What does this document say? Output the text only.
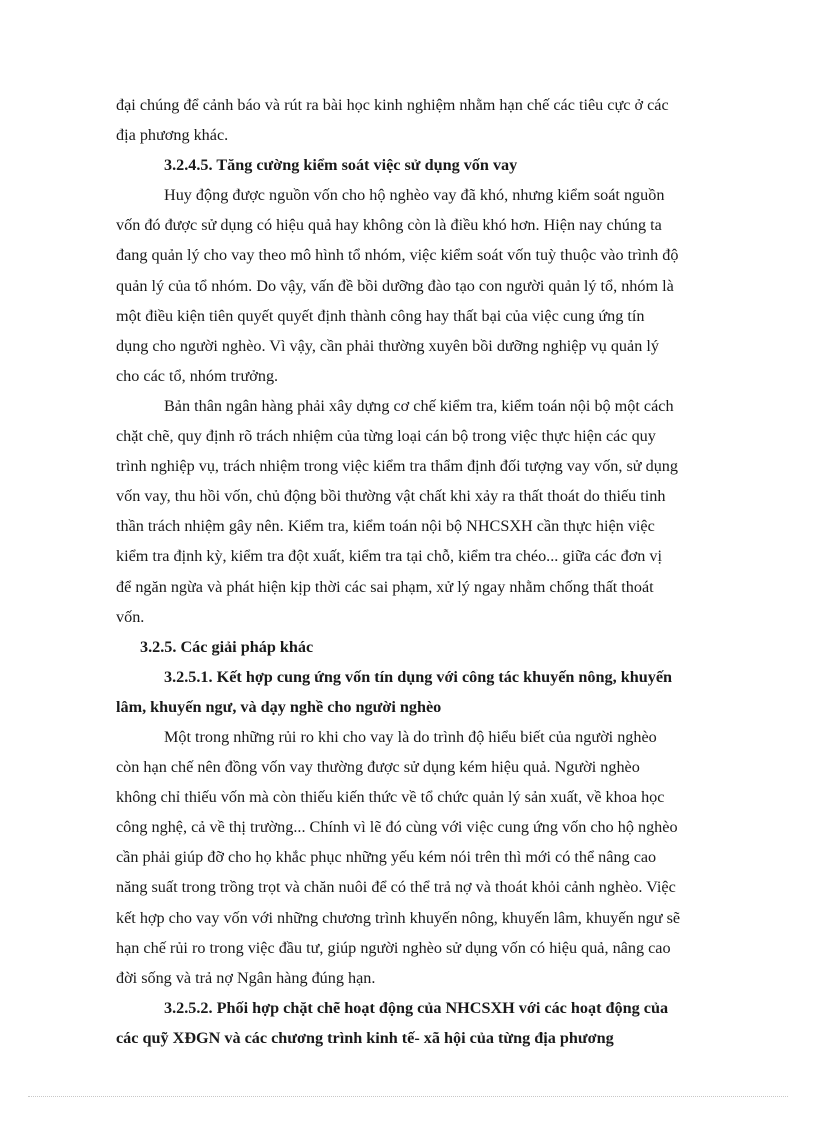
đại chúng để cảnh báo và rút ra bài học kinh nghiệm nhằm hạn chế các tiêu cực ở các
địa phương khác.
3.2.4.5. Tăng cường kiểm soát việc sử dụng vốn vay
Huy động được nguồn vốn cho hộ nghèo vay đã khó, nhưng kiểm soát nguồn
vốn đó được sử dụng có hiệu quả hay không còn là điều khó hơn. Hiện nay chúng ta
đang quản lý cho vay theo mô hình tổ nhóm, việc kiểm soát vốn tuỳ thuộc vào trình độ
quản lý của tổ nhóm. Do vậy, vấn đề bồi dưỡng đào tạo con người quản lý tổ, nhóm là
một điều kiện tiên quyết quyết định thành công hay thất bại của việc cung ứng tín
dụng cho người nghèo. Vì vậy, cần phải thường xuyên bồi dưỡng nghiệp vụ quản lý
cho các tổ, nhóm trưởng.
Bản thân ngân hàng phải xây dựng cơ chế kiểm tra, kiểm toán nội bộ một cách
chặt chẽ, quy định rõ trách nhiệm của từng loại cán bộ trong việc thực hiện các quy
trình nghiệp vụ, trách nhiệm trong việc kiểm tra thẩm định đối tượng vay vốn, sử dụng
vốn vay, thu hồi vốn, chủ động bồi thường vật chất khi xảy ra thất thoát do thiếu tinh
thần trách nhiệm gây nên. Kiểm tra, kiểm toán nội bộ NHCSXH cần thực hiện việc
kiểm tra định kỳ, kiểm tra đột xuất, kiểm tra tại chỗ, kiểm tra chéo... giữa các đơn vị
để ngăn ngừa và phát hiện kịp thời các sai phạm, xử lý ngay nhằm chống thất thoát
vốn.
3.2.5. Các giải pháp khác
3.2.5.1. Kết hợp cung ứng vốn tín dụng với công tác khuyến nông, khuyến
lâm, khuyến ngư, và dạy nghề cho người nghèo
Một trong những rủi ro khi cho vay là do trình độ hiểu biết của người nghèo
còn hạn chế nên đồng vốn vay thường được sử dụng kém hiệu quả. Người nghèo
không chỉ thiếu vốn mà còn thiếu kiến thức về tổ chức quản lý sản xuất, về khoa học
công nghệ, cả về thị trường... Chính vì lẽ đó cùng với việc cung ứng vốn cho hộ nghèo
cần phải giúp đỡ cho họ khắc phục những yếu kém nói trên thì mới có thể nâng cao
năng suất trong trồng trọt và chăn nuôi để có thể trả nợ và thoát khỏi cảnh nghèo. Việc
kết hợp cho vay vốn với những chương trình khuyến nông, khuyến lâm, khuyến ngư sẽ
hạn chế rủi ro trong việc đầu tư, giúp người nghèo sử dụng vốn có hiệu quả, nâng cao
đời sống và trả nợ Ngân hàng đúng hạn.
3.2.5.2. Phối hợp chặt chẽ hoạt động của NHCSXH với các hoạt động của
các quỹ XĐGN và các chương trình kinh tế- xã hội của từng địa phương
